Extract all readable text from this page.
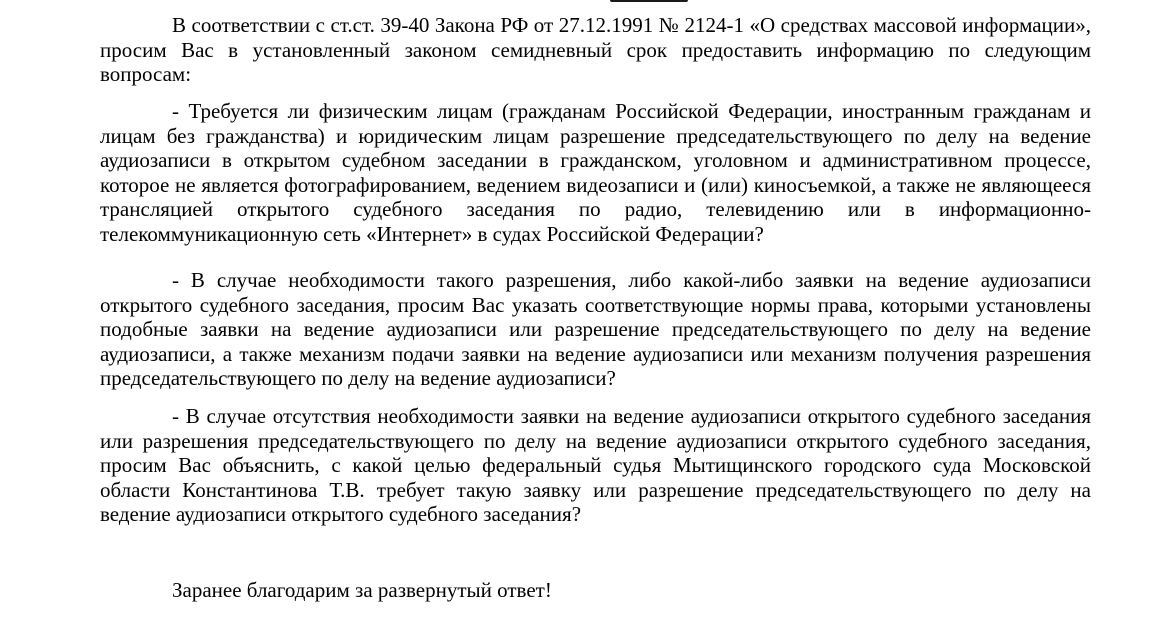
В соответствии с ст.ст. 39-40 Закона РФ от 27.12.1991 № 2124-1 «О средствах массовой информации», просим Вас в установленный законом семидневный срок предоставить информацию по следующим вопросам:

- Требуется ли физическим лицам (гражданам Российской Федерации, иностранным гражданам и лицам без гражданства) и юридическим лицам разрешение председательствующего по делу на ведение аудиозаписи в открытом судебном заседании в гражданском, уголовном и административном процессе, которое не является фотографированием, ведением видеозаписи и (или) киносъемкой, а также не являющееся трансляцией открытого судебного заседания по радио, телевидению или в информационно-телекоммуникационную сеть «Интернет» в судах Российской Федерации?

- В случае необходимости такого разрешения, либо какой-либо заявки на ведение аудиозаписи открытого судебного заседания, просим Вас указать соответствующие нормы права, которыми установлены подобные заявки на ведение аудиозаписи или разрешение председательствующего по делу на ведение аудиозаписи, а также механизм подачи заявки на ведение аудиозаписи или механизм получения разрешения председательствующего по делу на ведение аудиозаписи?

- В случае отсутствия необходимости заявки на ведение аудиозаписи открытого судебного заседания или разрешения председательствующего по делу на ведение аудиозаписи открытого судебного заседания, просим Вас объяснить, с какой целью федеральный судья Мытищинского городского суда Московской области Константинова Т.В. требует такую заявку или разрешение председательствующего по делу на ведение аудиозаписи открытого судебного заседания?

Заранее благодарим за развернутый ответ!
